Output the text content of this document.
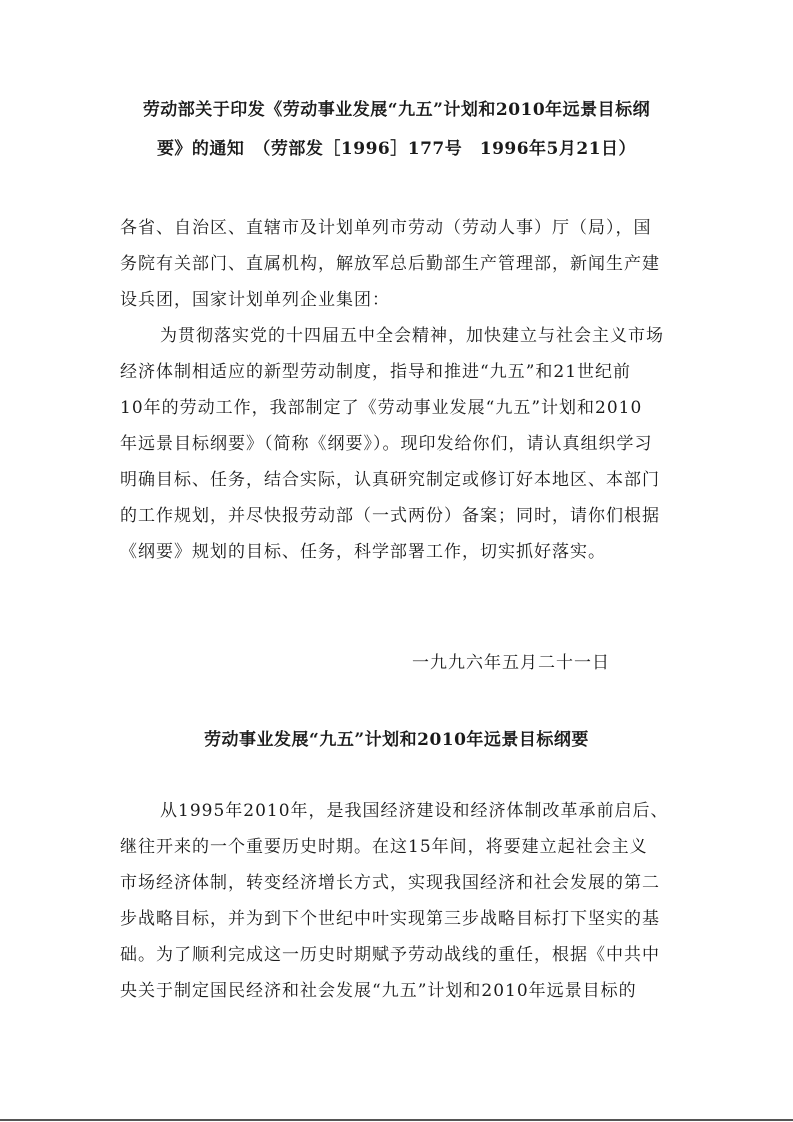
劳动部关于印发《劳动事业发展“九五”计划和2010年远景目标纲
要》的通知　（劳部发［1996］177号　1996年5月21日）
各省、自治区、直辖市及计划单列市劳动（劳动人事）厅（局），国
务院有关部门、直属机构，解放军总后勤部生产管理部，新闻生产建
设兵团，国家计划单列企业集团：
为贯彻落实党的十四届五中全会精神，加快建立与社会主义市场
经济体制相适应的新型劳动制度，指导和推进“九五”和21世纪前
10年的劳动工作，我部制定了《劳动事业发展“九五”计划和2010
年远景目标纲要》（简称《纲要》）。现印发给你们，请认真组织学习
明确目标、任务，结合实际，认真研究制定或修订好本地区、本部门
的工作规划，并尽快报劳动部（一式两份）备案；同时，请你们根据
《纲要》规划的目标、任务，科学部署工作，切实抓好落实。
一九九六年五月二十一日
劳动事业发展“九五”计划和2010年远景目标纲要
从1995年2010年，是我国经济建设和经济体制改革承前启后、
继往开来的一个重要历史时期。在这15年间，将要建立起社会主义
市场经济体制，转变经济增长方式，实现我国经济和社会发展的第二
步战略目标，并为到下个世纪中叶实现第三步战略目标打下坚实的基
础。为了顺利完成这一历史时期赋予劳动战线的重任，根据《中共中
央关于制定国民经济和社会发展“九五”计划和2010年远景目标的
